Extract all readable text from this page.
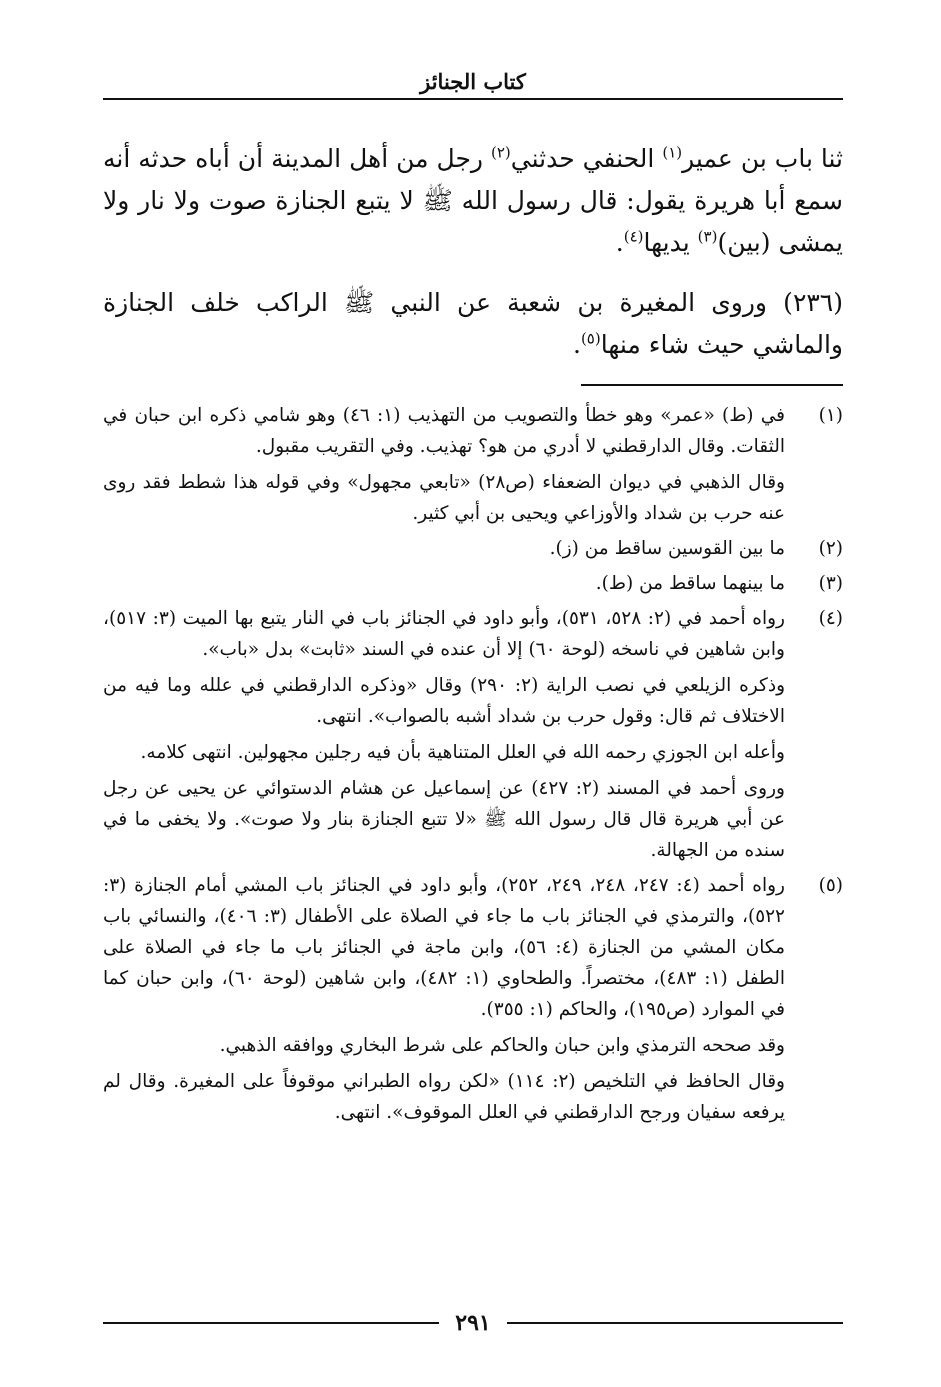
كتاب الجنائز

ثنا باب بن عمير$^{(١)}$ الحنفي حدثني$^{(٢)}$ رجل من أهل المدينة أن أباه حدثه أنه سمع أبا هريرة يقول: قال رسول الله ﷺ لا يتبع الجنازة صوت ولا نار ولا يمشى (بين)$^{(٣)}$ يديها$^{(٤)}$.

(٢٣٦) وروى المغيرة بن شعبة عن النبي ﷺ الراكب خلف الجنازة والماشي حيث شاء منها$^{(٥)}$.

(١)

في (ط) «عمر» وهو خطأ والتصويب من التهذيب (١: ٤٦) وهو شامي ذكره ابن حبان في الثقات. وقال الدارقطني لا أدري من هو؟ تهذيب. وفي التقريب مقبول.

وقال الذهبي في ديوان الضعفاء (ص٢٨) «تابعي مجهول» وفي قوله هذا شطط فقد روى عنه حرب بن شداد والأوزاعي ويحيى بن أبي كثير.

(٢)

ما بين القوسين ساقط من (ز).

(٣)

ما بينهما ساقط من (ط).

(٤)

رواه أحمد في (٢: ٥٢٨، ٥٣١)، وأبو داود في الجنائز باب في النار يتبع بها الميت (٣: ٥١٧)، وابن شاهين في ناسخه (لوحة ٦٠) إلا أن عنده في السند «ثابت» بدل «باب».

وذكره الزيلعي في نصب الراية (٢: ٢٩٠) وقال «وذكره الدارقطني في علله وما فيه من الاختلاف ثم قال: وقول حرب بن شداد أشبه بالصواب». انتهى.

وأعله ابن الجوزي رحمه الله في العلل المتناهية بأن فيه رجلين مجهولين. انتهى كلامه.

وروى أحمد في المسند (٢: ٤٢٧) عن إسماعيل عن هشام الدستوائي عن يحيى عن رجل عن أبي هريرة قال قال رسول الله ﷺ «لا تتبع الجنازة بنار ولا صوت». ولا يخفى ما في سنده من الجهالة.

(٥)

رواه أحمد (٤: ٢٤٧، ٢٤٨، ٢٤٩، ٢٥٢)، وأبو داود في الجنائز باب المشي أمام الجنازة (٣: ٥٢٢)، والترمذي في الجنائز باب ما جاء في الصلاة على الأطفال (٣: ٤٠٦)، والنسائي باب مكان المشي من الجنازة (٤: ٥٦)، وابن ماجة في الجنائز باب ما جاء في الصلاة على الطفل (١: ٤٨٣)، مختصراً. والطحاوي (١: ٤٨٢)، وابن شاهين (لوحة ٦٠)، وابن حبان كما في الموارد (ص١٩٥)، والحاكم (١: ٣٥٥).

وقد صححه الترمذي وابن حبان والحاكم على شرط البخاري ووافقه الذهبي.

وقال الحافظ في التلخيص (٢: ١١٤) «لكن رواه الطبراني موقوفاً على المغيرة. وقال لم يرفعه سفيان ورجح الدارقطني في العلل الموقوف». انتهى.

٢٩١
